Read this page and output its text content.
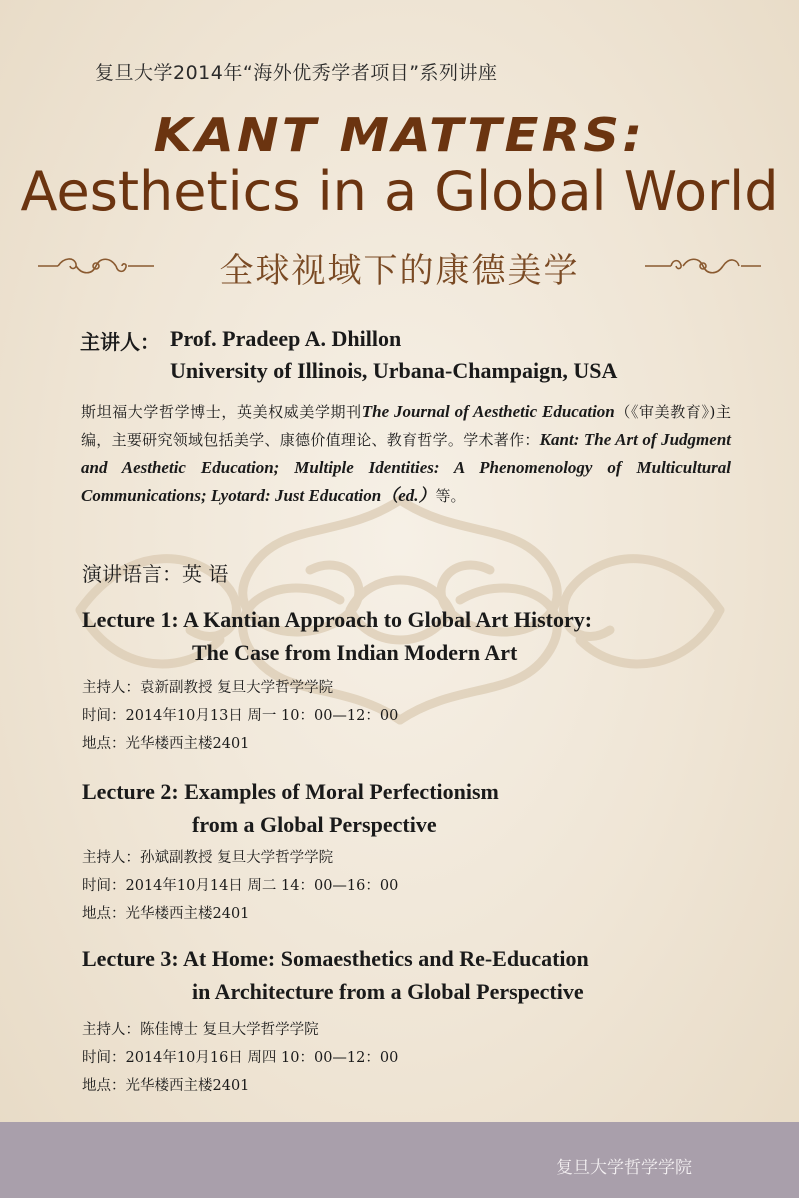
复旦大学2014年“海外优秀学者项目”系列讲座
KANT MATTERS:
Aesthetics in a Global World
全球视域下的康德美学
主讲人： Prof. Pradeep A. Dhillon
University of Illinois, Urbana-Champaign, USA
斯坦福大学哲学博士，英美权威美学期刊The Journal of Aesthetic Education（《审美教育》)主编，主要研究领域包括美学、康德价值理论、教育哲学。学术著作：Kant: The Art of Judgment and Aesthetic Education; Multiple Identities: A Phenomenology of Multicultural Communications; Lyotard: Just Education（ed.）等。
演讲语言：英 语
Lecture 1: A Kantian Approach to Global Art History:
The Case from Indian Modern Art
主持人：袁新副教授 复旦大学哲学学院
时间：2014年10月13日 周一 10：00—12：00
地点：光华楼西主楼2401
Lecture 2: Examples of Moral Perfectionism
from a Global Perspective
主持人：孙斌副教授 复旦大学哲学学院
时间：2014年10月14日 周二 14：00—16：00
地点：光华楼西主楼2401
Lecture 3: At Home: Somaesthetics and Re-Education
in Architecture from a Global Perspective
主持人：陈佳博士 复旦大学哲学学院
时间：2014年10月16日 周四 10：00—12：00
地点：光华楼西主楼2401
复旦大学哲学学院
